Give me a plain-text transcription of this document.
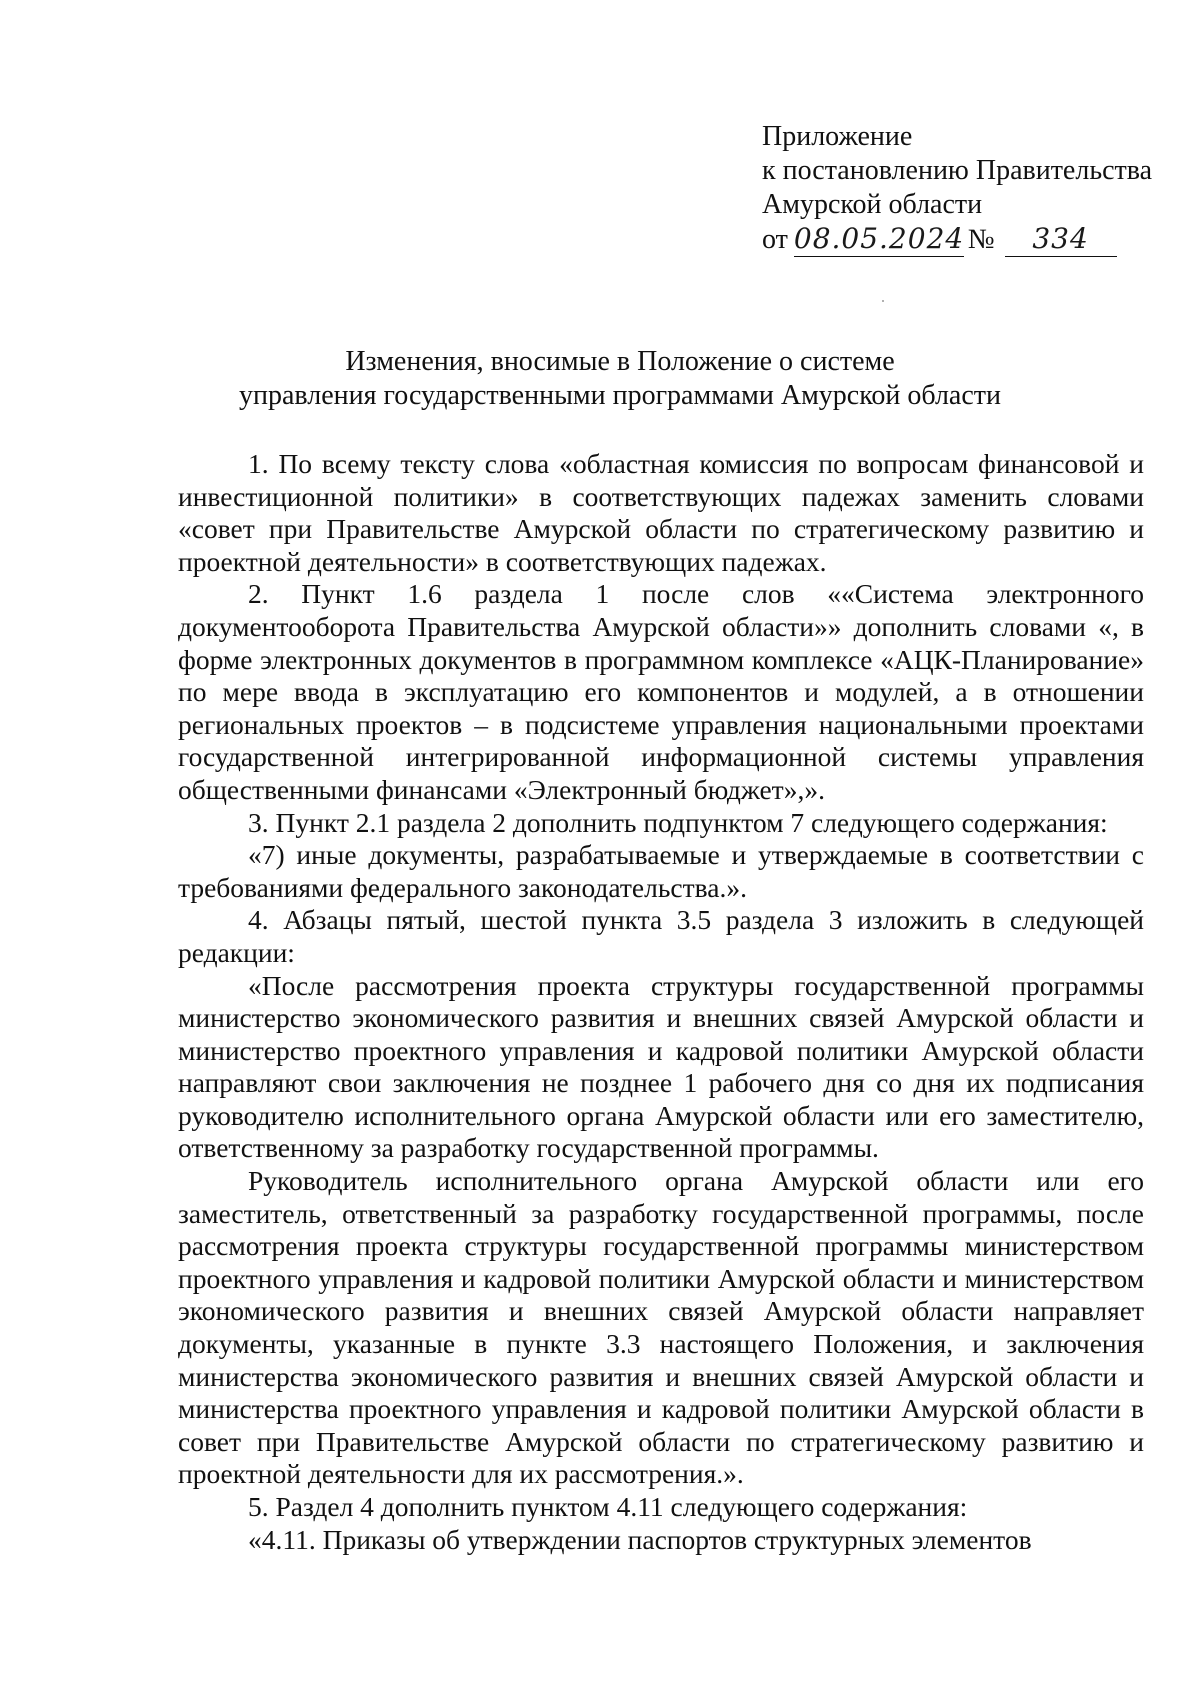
Приложение
к постановлению Правительства
Амурской области
от 08.05.2024 №	334
Изменения, вносимые в Положение о системе
управления государственными программами Амурской области

1. По всему тексту слова «областная комиссия по вопросам финансовой и инвестиционной политики» в соответствующих падежах заменить словами «совет при Правительстве Амурской области по стратегическому развитию и проектной деятельности» в соответствующих падежах.

2. Пункт 1.6 раздела 1 после слов ««Система электронного документооборота Правительства Амурской области»» дополнить словами «, в форме электронных документов в программном комплексе «АЦК-Планирование» по мере ввода в эксплуатацию его компонентов и модулей, а в отношении региональных проектов – в подсистеме управления национальными проектами государственной интегрированной информационной системы управления общественными финансами «Электронный бюджет»,».

3. Пункт 2.1 раздела 2 дополнить подпунктом 7 следующего содержания:

«7) иные документы, разрабатываемые и утверждаемые в соответствии с требованиями федерального законодательства.».

4. Абзацы пятый, шестой пункта 3.5 раздела 3 изложить в следующей редакции:

«После рассмотрения проекта структуры государственной программы министерство экономического развития и внешних связей Амурской области и министерство проектного управления и кадровой политики Амурской области направляют свои заключения не позднее 1 рабочего дня со дня их подписания руководителю исполнительного органа Амурской области или его заместителю, ответственному за разработку государственной программы.

Руководитель исполнительного органа Амурской области или его заместитель, ответственный за разработку государственной программы, после рассмотрения проекта структуры государственной программы министерством проектного управления и кадровой политики Амурской области и министерством экономического развития и внешних связей Амурской области направляет документы, указанные в пункте 3.3 настоящего Положения, и заключения министерства экономического развития и внешних связей Амурской области и министерства проектного управления и кадровой политики Амурской области в совет при Правительстве Амурской области по стратегическому развитию и проектной деятельности для их рассмотрения.».

5. Раздел 4 дополнить пунктом 4.11 следующего содержания:

«4.11. Приказы об утверждении паспортов структурных элементов
